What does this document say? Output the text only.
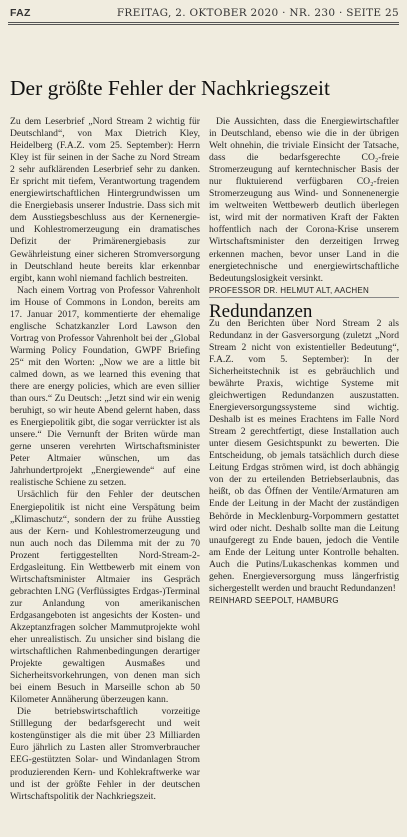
FAZ	FREITAG, 2. OKTOBER 2020 · NR. 230 · SEITE 25
Der größte Fehler der Nachkriegszeit

Zu dem Leserbrief „Nord Stream 2 wichtig für Deutschland“, von Max Dietrich Kley, Heidelberg (F.A.Z. vom 25. September): Herrn Kley ist für seinen in der Sache zu Nord Stream 2 sehr aufklärenden Leserbrief sehr zu danken. Er spricht mit tiefem, Verantwortung tragendem energiewirtschaftlichen Hintergrundwissen um die Energiebasis unserer Industrie. Dass sich mit dem Ausstiegsbeschluss aus der Kernenergie- und Kohlestromerzeugung ein dramatisches Defizit der Primärenergiebasis zur Gewährleistung einer sicheren Stromversorgung in Deutschland heute bereits klar erkennbar ergibt, kann wohl niemand fachlich bestreiten.

Nach einem Vortrag von Professor Vahrenholt im House of Commons in London, bereits am 17. Januar 2017, kommentierte der ehemalige englische Schatzkanzler Lord Lawson den Vortrag von Professor Vahrenholt bei der „Global Warming Policy Foundation, GWPF Briefing 25“ mit den Worten: „Now we are a little bit calmed down, as we learned this evening that there are energy policies, which are even sillier than ours.“ Zu Deutsch: „Jetzt sind wir ein wenig beruhigt, so wir heute Abend gelernt haben, dass es Energiepolitik gibt, die sogar verrückter ist als unsere.“ Die Vernunft der Briten würde man gerne unseren verehrten Wirtschaftsminister Peter Altmaier wünschen, um das Jahrhundertprojekt „Energiewende“ auf eine realistische Schiene zu setzen.

Ursächlich für den Fehler der deutschen Energiepolitik ist nicht eine Verspätung beim „Klimaschutz“, sondern der zu frühe Ausstieg aus der Kern- und Kohlestromerzeugung und nun auch noch das Dilemma mit der zu 70 Prozent fertiggestellten Nord-Stream-2-Erdgasleitung. Ein Wettbewerb mit einem von Wirtschaftsminister Altmaier ins Gespräch gebrachten LNG (Verflüssigtes Erdgas-)Terminal zur Anlandung von amerikanischen Erdgasangeboten ist angesichts der Kosten- und Akzeptanzfragen solcher Mammutprojekte wohl eher unrealistisch. Zu unsicher sind bislang die wirtschaftlichen Rahmenbedingungen derartiger Projekte gewaltigen Ausmaßes und Sicherheitsvorkehrungen, von denen man sich bei einem Besuch in Marseille schon ab 50 Kilometer Annäherung überzeugen kann.

Die betriebswirtschaftlich vorzeitige Stilllegung der bedarfsgerecht und weit kostengünstiger als die mit über 23 Milliarden Euro jährlich zu Lasten aller Stromverbraucher EEG-gestützten Solar- und Windanlagen Strom produzierenden Kern- und Kohlekraftwerke war und ist der größte Fehler in der deutschen Wirtschaftspolitik der Nachkriegszeit.

Die Aussichten, dass die Energiewirtschaftler in Deutschland, ebenso wie die in der übrigen Welt ohnehin, die triviale Einsicht der Tatsache, dass die bedarfsgerechte CO₂-freie Stromerzeugung auf kerntechnischer Basis der nur fluktuierend verfügbaren CO₂-freien Stromerzeugung aus Wind- und Sonnenenergie im weltweiten Wettbewerb deutlich überlegen ist, wird mit der normativen Kraft der Fakten hoffentlich nach der Corona-Krise unserem Wirtschaftsminister den derzeitigen Irrweg erkennen machen, bevor unser Land in die energietechnische und energiewirtschaftliche Bedeutungslosigkeit versinkt.

PROFESSOR DR. HELMUT ALT, AACHEN

Redundanzen

Zu den Berichten über Nord Stream 2 als Redundanz in der Gasversorgung (zuletzt „Nord Stream 2 nicht von existentieller Bedeutung“, F.A.Z. vom 5. September): In der Sicherheitstechnik ist es gebräuchlich und bewährte Praxis, wichtige Systeme mit gleichwertigen Redundanzen auszustatten. Energieversorgungssysteme sind wichtig. Deshalb ist es meines Erachtens im Falle Nord Stream 2 gerechtfertigt, diese Installation auch unter diesem Gesichtspunkt zu bewerten. Die Entscheidung, ob jemals tatsächlich durch diese Leitung Erdgas strömen wird, ist doch abhängig von der zu erteilenden Betriebserlaubnis, das heißt, ob das Öffnen der Ventile/Armaturen am Ende der Leitung in der Macht der zuständigen Behörde in Mecklenburg-Vorpommern gestattet wird oder nicht. Deshalb sollte man die Leitung unaufgeregt zu Ende bauen, jedoch die Ventile am Ende der Leitung unter Kontrolle behalten. Auch die Putins/Lukaschenkas kommen und gehen. Energieversorgung muss längerfristig sichergestellt werden und braucht Redundanzen!

REINHARD SEEPOLT, HAMBURG
